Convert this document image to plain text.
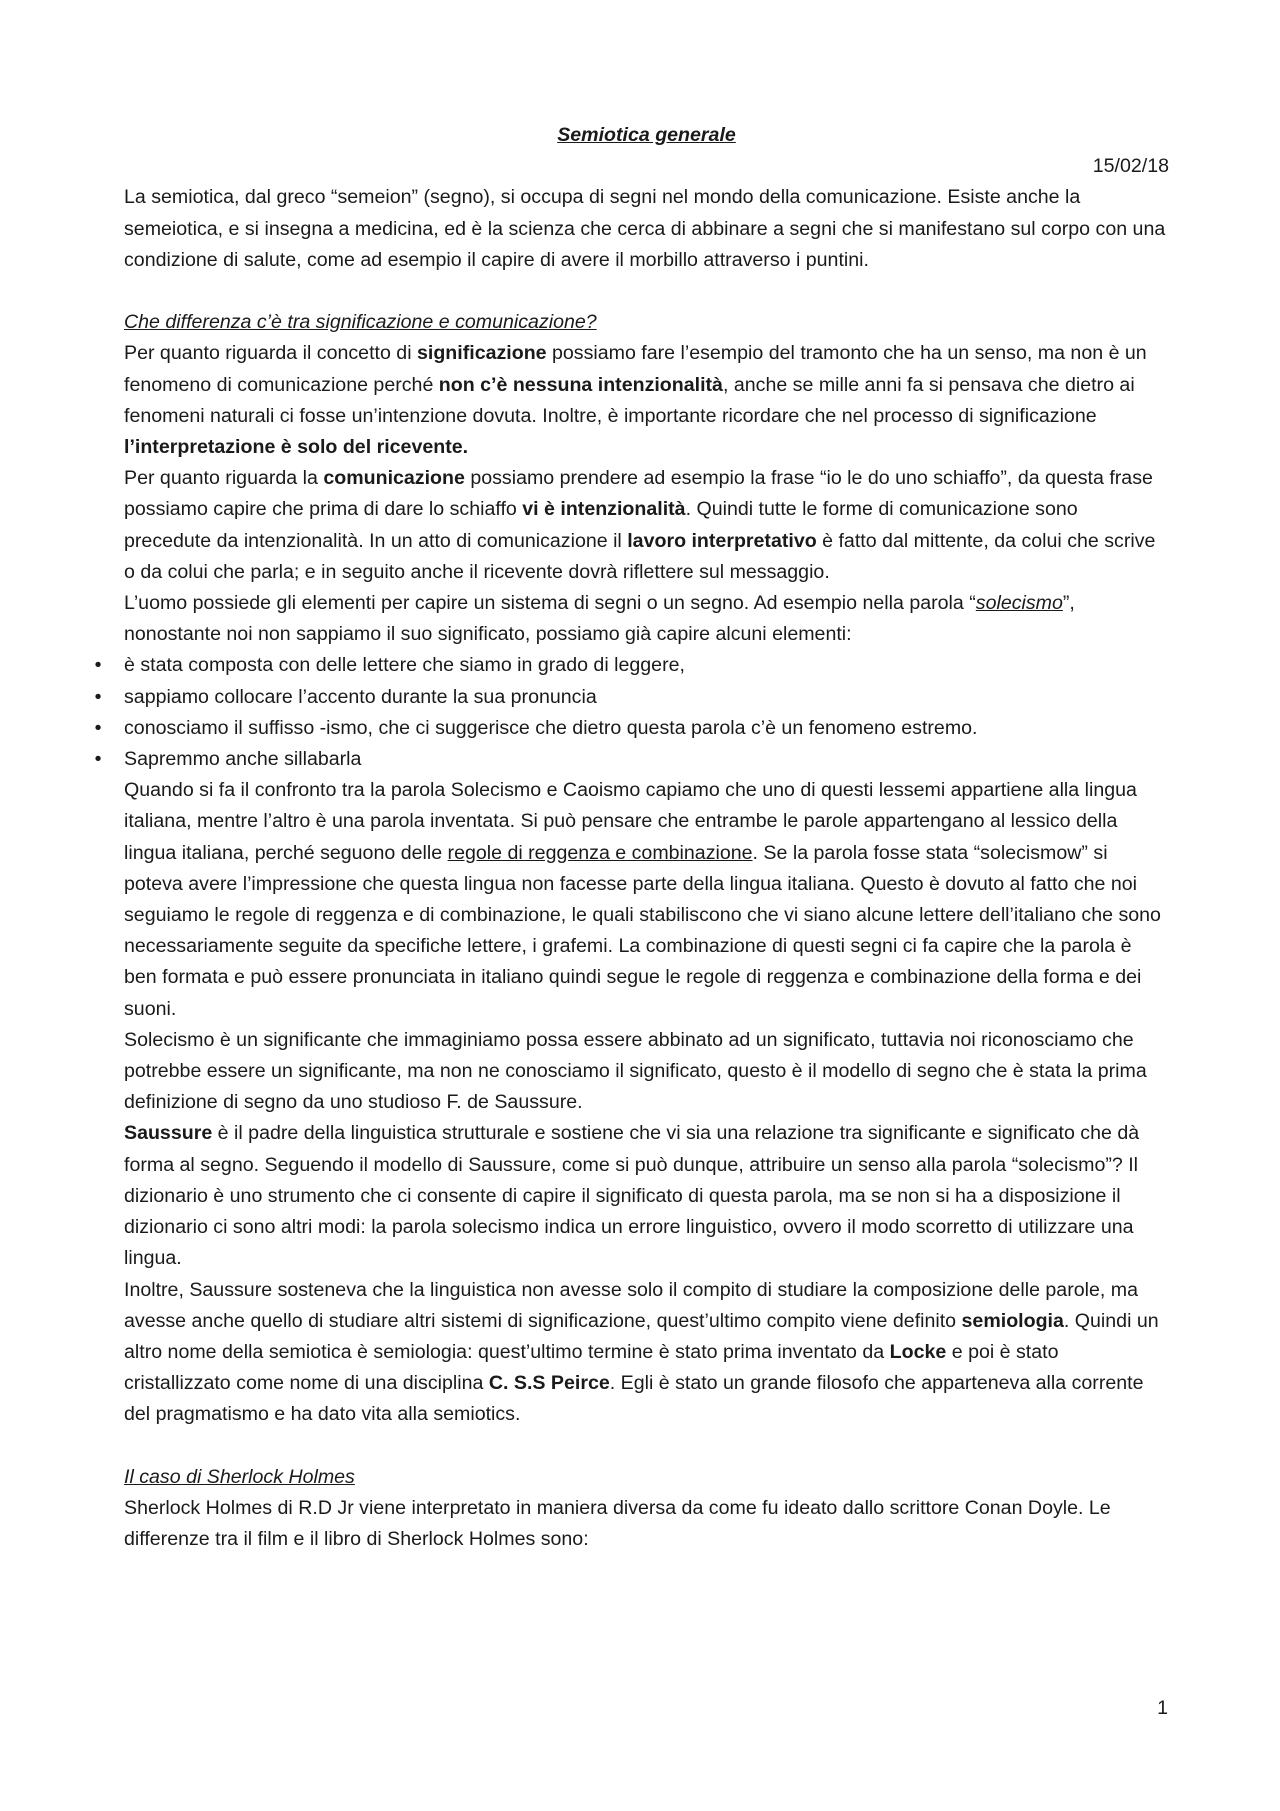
Semiotica generale

15/02/18

La semiotica, dal greco “semeion” (segno), si occupa di segni nel mondo della comunicazione. Esiste anche la semeiotica, e si insegna a medicina, ed è la scienza che cerca di abbinare a segni che si manifestano sul corpo con una condizione di salute, come ad esempio il capire di avere il morbillo attraverso i puntini.

Che differenza c’è tra significazione e comunicazione?

Per quanto riguarda il concetto di significazione possiamo fare l’esempio del tramonto che ha un senso, ma non è un fenomeno di comunicazione perché non c’è nessuna intenzionalità, anche se mille anni fa si pensava che dietro ai fenomeni naturali ci fosse un’intenzione dovuta. Inoltre, è importante ricordare che nel processo di significazione l’interpretazione è solo del ricevente.

Per quanto riguarda la comunicazione possiamo prendere ad esempio la frase “io le do uno schiaffo”, da questa frase possiamo capire che prima di dare lo schiaffo vi è intenzionalità. Quindi tutte le forme di comunicazione sono precedute da intenzionalità. In un atto di comunicazione il lavoro interpretativo è fatto dal mittente, da colui che scrive o da colui che parla; e in seguito anche il ricevente dovrà riflettere sul messaggio.

L’uomo possiede gli elementi per capire un sistema di segni o un segno. Ad esempio nella parola “solecismo”, nonostante noi non sappiamo il suo significato, possiamo già capire alcuni elementi:

•	è stata composta con delle lettere che siamo in grado di leggere,
•	sappiamo collocare l’accento durante la sua pronuncia
•	conosciamo il suffisso -ismo, che ci suggerisce che dietro questa parola c’è un fenomeno estremo.
•	Sapremmo anche sillabarla

Quando si fa il confronto tra la parola Solecismo e Caoismo capiamo che uno di questi lessemi appartiene alla lingua italiana, mentre l’altro è una parola inventata. Si può pensare che entrambe le parole appartengano al lessico della lingua italiana, perché seguono delle regole di reggenza e combinazione. Se la parola fosse stata “solecismow” si poteva avere l’impressione che questa lingua non facesse parte della lingua italiana. Questo è dovuto al fatto che noi seguiamo le regole di reggenza e di combinazione, le quali stabiliscono che vi siano alcune lettere dell’italiano che sono necessariamente seguite da specifiche lettere, i grafemi. La combinazione di questi segni ci fa capire che la parola è ben formata e può essere pronunciata in italiano quindi segue le regole di reggenza e combinazione della forma e dei suoni.

Solecismo è un significante che immaginiamo possa essere abbinato ad un significato, tuttavia noi riconosciamo che potrebbe essere un significante, ma non ne conosciamo il significato, questo è il modello di segno che è stata la prima definizione di segno da uno studioso F. de Saussure.

Saussure è il padre della linguistica strutturale e sostiene che vi sia una relazione tra significante e significato che dà forma al segno. Seguendo il modello di Saussure, come si può dunque, attribuire un senso alla parola “solecismo”? Il dizionario è uno strumento che ci consente di capire il significato di questa parola, ma se non si ha a disposizione il dizionario ci sono altri modi: la parola solecismo indica un errore linguistico, ovvero il modo scorretto di utilizzare una lingua.

Inoltre, Saussure sosteneva che la linguistica non avesse solo il compito di studiare la composizione delle parole, ma avesse anche quello di studiare altri sistemi di significazione, quest’ultimo compito viene definito semiologia. Quindi un altro nome della semiotica è semiologia: quest’ultimo termine è stato prima inventato da Locke e poi è stato cristallizzato come nome di una disciplina C. S.S Peirce. Egli è stato un grande filosofo che apparteneva alla corrente del pragmatismo e ha dato vita alla semiotics.

Il caso di Sherlock Holmes

Sherlock Holmes di R.D Jr viene interpretato in maniera diversa da come fu ideato dallo scrittore Conan Doyle. Le differenze tra il film e il libro di Sherlock Holmes sono:

1
